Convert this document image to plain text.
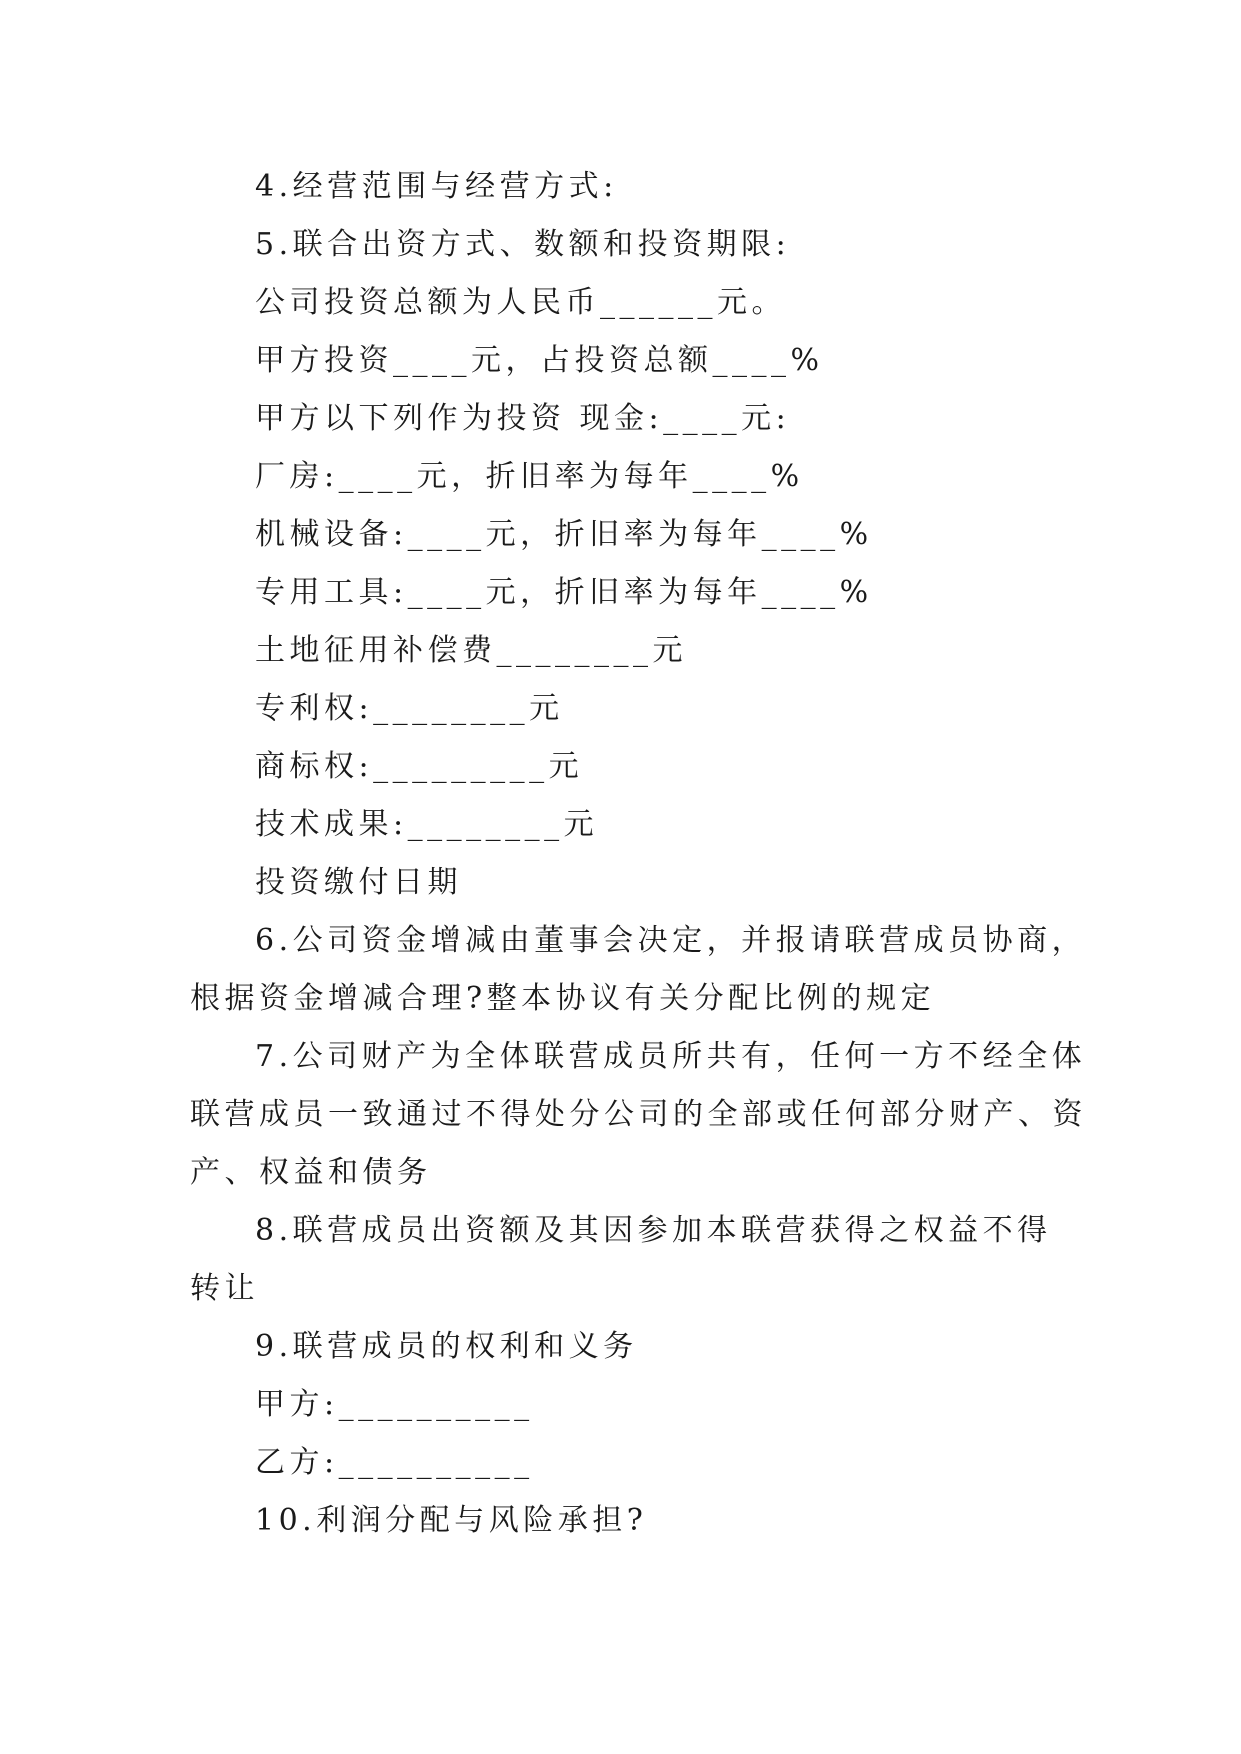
4.经营范围与经营方式:
5.联合出资方式、数额和投资期限:
公司投资总额为人民币______元。
甲方投资____元，占投资总额____%
甲方以下列作为投资 现金:____元:
厂房:____元，折旧率为每年____%
机械设备:____元，折旧率为每年____%
专用工具:____元，折旧率为每年____%
土地征用补偿费________元
专利权:________元
商标权:_________元
技术成果:________元
投资缴付日期
6.公司资金增减由董事会决定，并报请联营成员协商，
根据资金增减合理?整本协议有关分配比例的规定
7.公司财产为全体联营成员所共有，任何一方不经全体
联营成员一致通过不得处分公司的全部或任何部分财产、资
产、权益和债务
8.联营成员出资额及其因参加本联营获得之权益不得
转让
9.联营成员的权利和义务
甲方:__________
乙方:__________
10.利润分配与风险承担?
